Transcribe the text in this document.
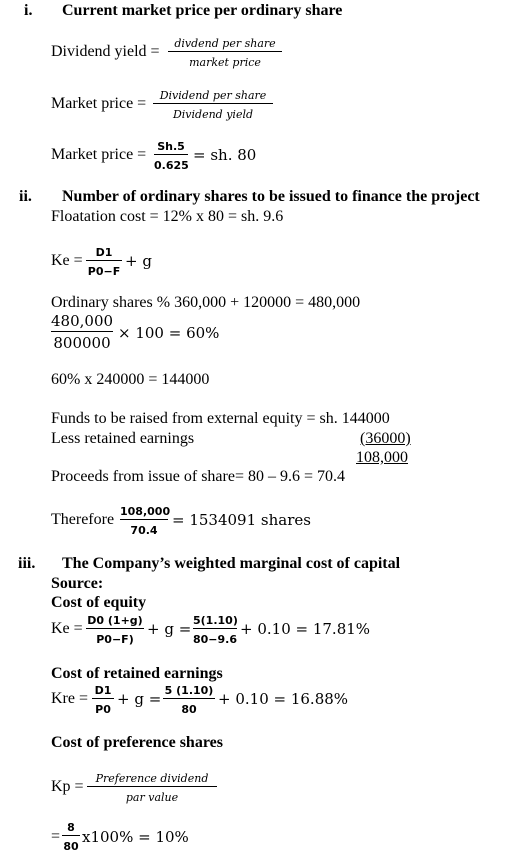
i. Current market price per ordinary share
Dividend yield =	divdend per share
market price
Market price =	Dividend per share
Dividend yield
Market price = Sh.5
0.625
= sh. 80
ii. Number of ordinary shares to be issued to finance the project
Floatation cost = 12% x 80 = sh. 9.6
Ke =	D1
P0−F
+ g
Ordinary shares % 360,000 + 120000 = 480,000
480,000
800000
× 100 = 60%
60% x 240000 = 144000
Funds to be raised from external equity = sh. 144000
Less retained earnings	(36000)
108,000
Proceeds from issue of share= 80 – 9.6 = 70.4
Therefore 108,000
70.4
= 1534091 shares
iii. The Company’s weighted marginal cost of capital
Source:
Cost of equity
Ke = D0 (1+g)
P0−F)
+ g = 5(1.10)
80−9.6
+ 0.10 = 17.81%
Cost of retained earnings
Kre = D1
P0
+ g = 5 (1.10)
80
+ 0.10 = 16.88%
Cost of preference shares
Kp =	Preference dividend
par value
=
8
80
x100% = 10%
